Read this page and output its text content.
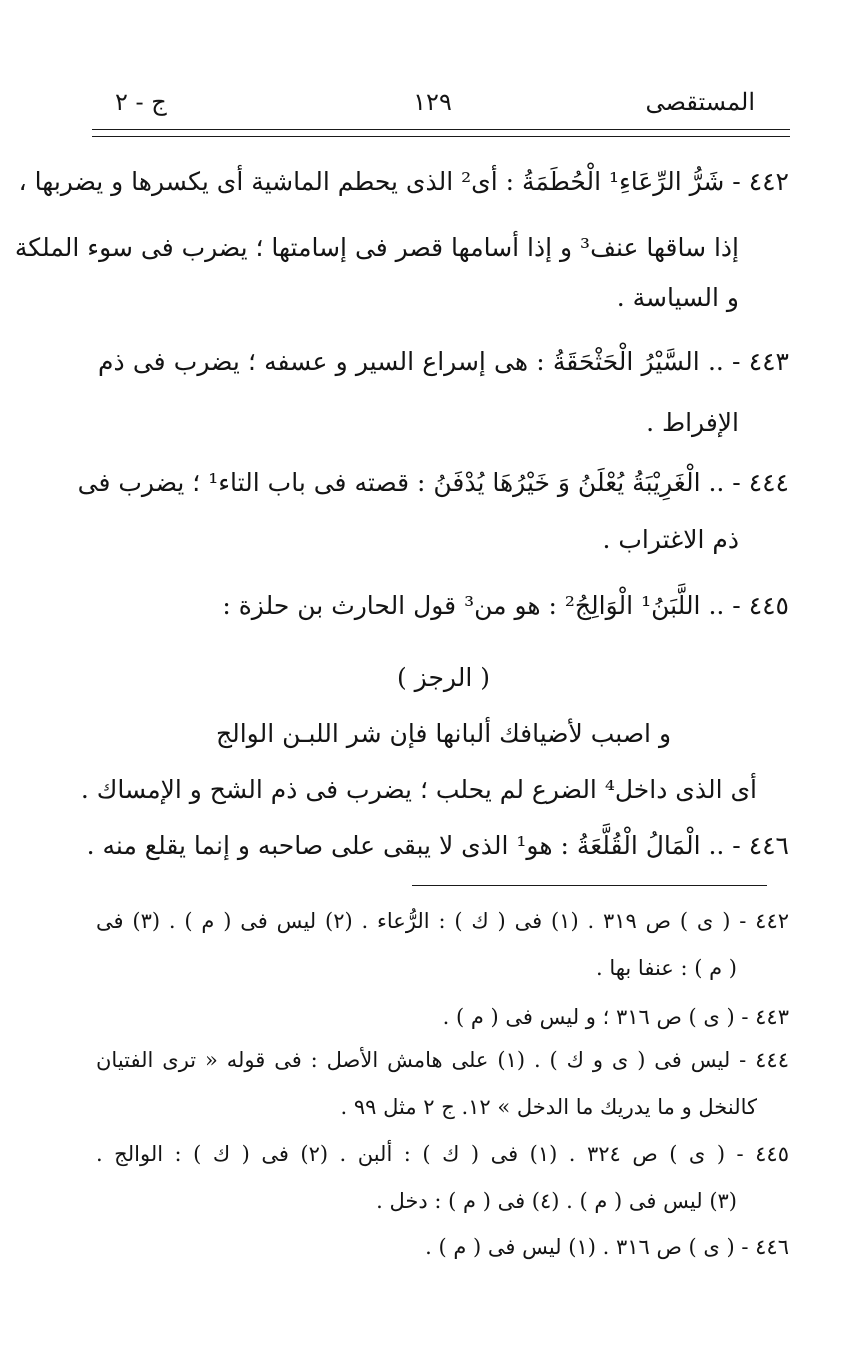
المستقصى
١٢٩
ج - ٢
٤٤٢ - شَرُّ الرِّعَاءِ¹ الْحُطَمَةُ : أى² الذى يحطم الماشية أى يكسرها و يضربها ،
إذا ساقها عنف³ و إذا أسامها قصر فى إسامتها ؛ يضرب فى سوء الملكة
و السياسة .
٤٤٣ - .. السَّيْرُ الْحَثْحَقَةُ : هى إسراع السير و عسفه ؛ يضرب فى ذم
الإفراط .
٤٤٤ - .. الْغَرِيْبَةُ يُعْلَنُ وَ خَيْرُهَا يُدْفَنُ : قصته فى باب التاء¹ ؛ يضرب فى
ذم الاغتراب .
٤٤٥ - .. اللَّبَنُ¹ الْوَالِجُ² : هو من³ قول الحارث بن حلزة :
( الرجز )
و اصبب لأضيافك ألبانها فإن شر اللبـن الوالج
أى الذى داخل⁴ الضرع لم يحلب ؛ يضرب فى ذم الشح و الإمساك .
٤٤٦ - .. الْمَالُ الْقُلَّعَةُ : هو¹ الذى لا يبقى على صاحبه و إنما يقلع منه .
٤٤٢ - ( ى ) ص ٣١٩ . (١) فى ( ك ) : الرُّعاء . (٢) ليس فى ( م ) . (٣) فى
( م ) : عنفا بها .
٤٤٣ - ( ى ) ص ٣١٦ ؛ و ليس فى ( م ) .
٤٤٤ - ليس فى ( ى و ك ) . (١) على هامش الأصل : فى قوله « ترى الفتيان
كالنخل و ما يدريك ما الدخل » ١٢. ج ٢ مثل ٩٩ .
٤٤٥ - ( ى ) ص ٣٢٤ . (١) فى ( ك ) : ألبن . (٢) فى ( ك ) : الوالج .
(٣) ليس فى ( م ) . (٤) فى ( م ) : دخل .
٤٤٦ - ( ى ) ص ٣١٦ . (١) ليس فى ( م ) .
